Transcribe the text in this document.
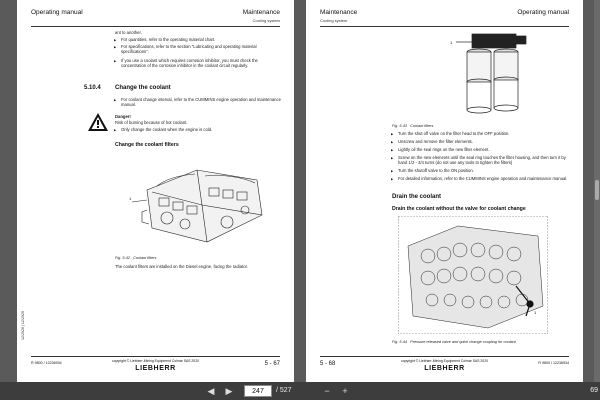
Operating manual	Maintenance
Cooling system
ant to another.
▶ For quantities, refer to the operating material chart.
▶ For specifications, refer to the section "Lubricating and operating material specifications".
▶ If you use a coolant which requires corrosion inhibitor, you must check the concentration of the corrosion inhibitor in the coolant circuit regularly.
5.10.4 Change the coolant
▶ For coolant change interval, refer to the CUMMINS engine operation and maintenance manual.
Danger!
Risk of burning because of hot coolant.
▶ Only change the coolant when the engine is cold.
Change the coolant filters
1
Fig. 5-42 Coolant filters
The coolant filters are installed on the Diesel engine, facing the radiator.
12/2026 | 12/2029
R 9800 / 12236934	copyright © Liebherr-Mining Equipment Colmar SAS 2020
LIEBHERR
5 - 67
Maintenance	Operating manual
Cooling system
1
Fig. 5-43 Coolant filters
▶ Turn the shut off valve on the filter head to the OFF position.
▶ Unscrew and remove the filter elements.
▶ Lightly oil the seal rings on the new filter element.
▶ Screw on the new elements until the seal ring touches the filter housing, and then turn it by hand 1/2 - 3/4 turns (do not use any tools to tighten the filters)
▶ Turn the shutoff valve to the ON position.
▶ For detailed information, refer to the CUMMINS engine operation and maintenance manual.
Drain the coolant
Drain the coolant without the valve for coolant change
1
Fig. 5-44 Pressure released valve and quick change coupling for coolant
5 - 68	copyright © Liebherr-Mining Equipment Colmar SAS 2020
LIEBHERR
R 9800 / 12236934
◀	▶	247	/ 527	−	+	69
